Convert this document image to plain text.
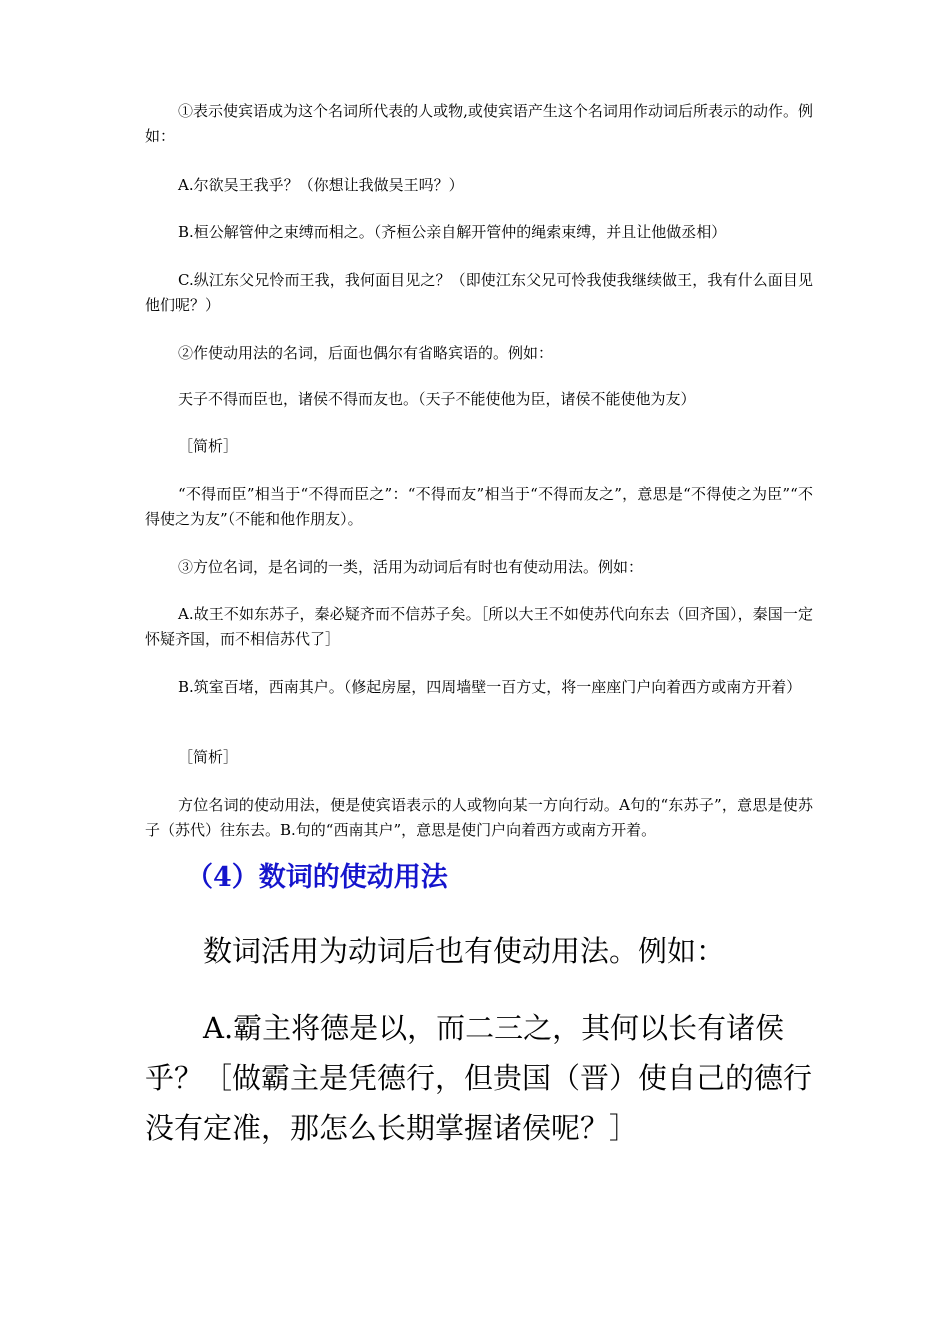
①表示使宾语成为这个名词所代表的人或物,或使宾语产生这个名词用作动词后所表示的动作。例如：

A.尔欲吴王我乎？（你想让我做吴王吗？）

B.桓公解管仲之束缚而相之。（齐桓公亲自解开管仲的绳索束缚，并且让他做丞相）

C.纵江东父兄怜而王我，我何面目见之？（即使江东父兄可怜我使我继续做王，我有什么面目见他们呢？）

②作使动用法的名词，后面也偶尔有省略宾语的。例如：

天子不得而臣也，诸侯不得而友也。（天子不能使他为臣，诸侯不能使他为友）

［简析］

“不得而臣”相当于“不得而臣之”：“不得而友”相当于“不得而友之”，意思是“不得使之为臣”“不得使之为友”（不能和他作朋友）。

③方位名词，是名词的一类，活用为动词后有时也有使动用法。例如：

A.故王不如东苏子，秦必疑齐而不信苏子矣。［所以大王不如使苏代向东去（回齐国），秦国一定怀疑齐国，而不相信苏代了］

B.筑室百堵，西南其户。（修起房屋，四周墙壁一百方丈，将一座座门户向着西方或南方开着）

［简析］

方位名词的使动用法，便是使宾语表示的人或物向某一方向行动。A句的“东苏子”，意思是使苏子（苏代）往东去。B.句的“西南其户”，意思是使门户向着西方或南方开着。

（4）数词的使动用法

数词活用为动词后也有使动用法。例如：

A.霸主将德是以，而二三之，其何以长有诸侯乎？［做霸主是凭德行，但贵国（晋）使自己的德行没有定准，那怎么长期掌握诸侯呢？］
